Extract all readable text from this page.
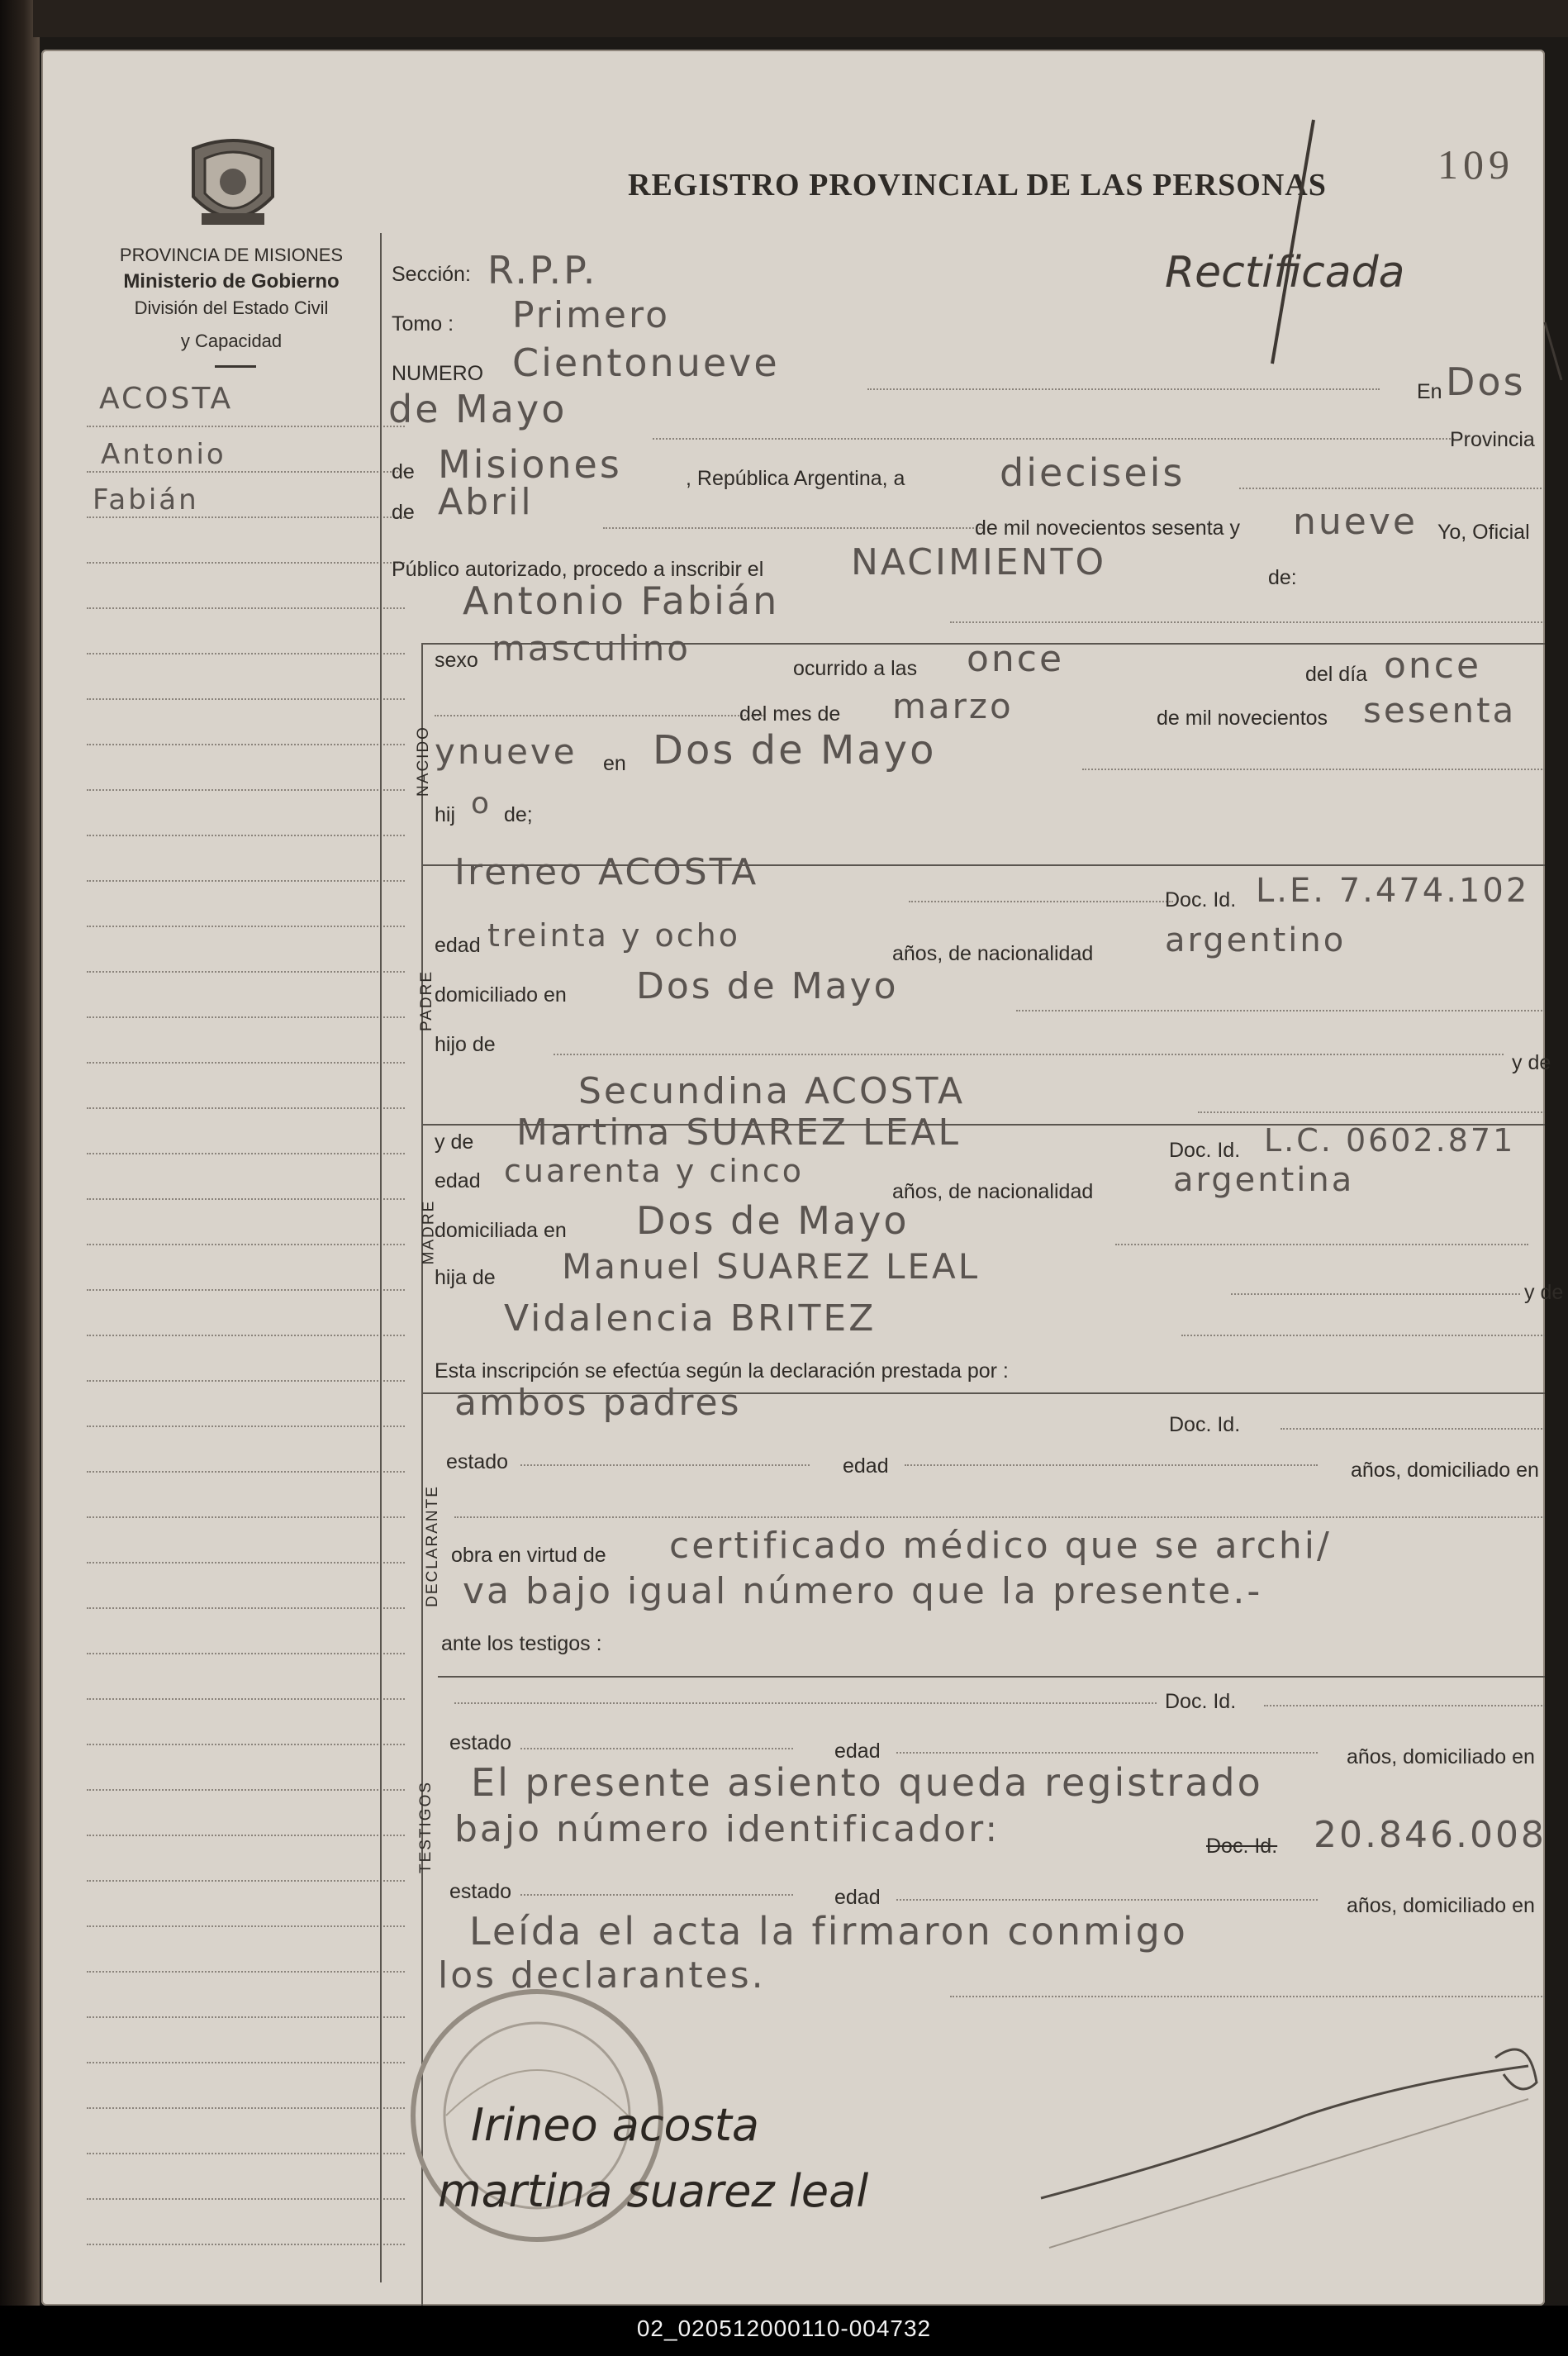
PROVINCIA DE MISIONES
Ministerio de Gobierno
División del Estado Civil
y Capacidad
ACOSTA
Antonio
Fabián
REGISTRO PROVINCIAL DE LAS PERSONAS	109
Rectificada
Sección: R.P.P.
Tomo : Primero
NUMERO Cientonueve
En Dos
de Mayo
Provincia
de Misiones	, República Argentina, a dieciseis
de Abril
de mil novecientos sesenta y nueve Yo, Oficial
Público autorizado, procedo a inscribir el NACIMIENTO	de:
Antonio Fabián
NACIDO
sexo masculino	ocurrido a las once	del día once
del mes de marzo	de mil novecientos sesenta
ynueve en Dos de Mayo
hij o de;
PADRE
Ireneo ACOSTA
Doc. Id. L.E. 7.474.102
edad treinta y ocho	años, de nacionalidad argentino
domiciliado en Dos de Mayo
hijo de
y de
Secundina ACOSTA
MADRE
y de Martina SUAREZ LEAL	Doc. Id. L.C. 0602.871
edad cuarenta y cinco
años, de nacionalidad argentina
domiciliada en Dos de Mayo
hija de Manuel SUAREZ LEAL
y de
Vidalencia BRITEZ
Esta inscripción se efectúa según la declaración prestada por :
DECLARANTE
ambos padres
Doc. Id.
estado	edad	años, domiciliado en
obra en virtud de certificado médico que se archi/
va bajo igual número que la presente.-
ante los testigos :
TESTIGOS
Doc. Id.
estado	edad	años, domiciliado en
El presente asiento queda registrado
bajo número identificador:	Doc. Id. 20.846.008
estado	edad	años, domiciliado en
Leída el acta la firmaron conmigo
los declarantes.
Irineo acosta
martina suarez leal
02_020512000110-004732
